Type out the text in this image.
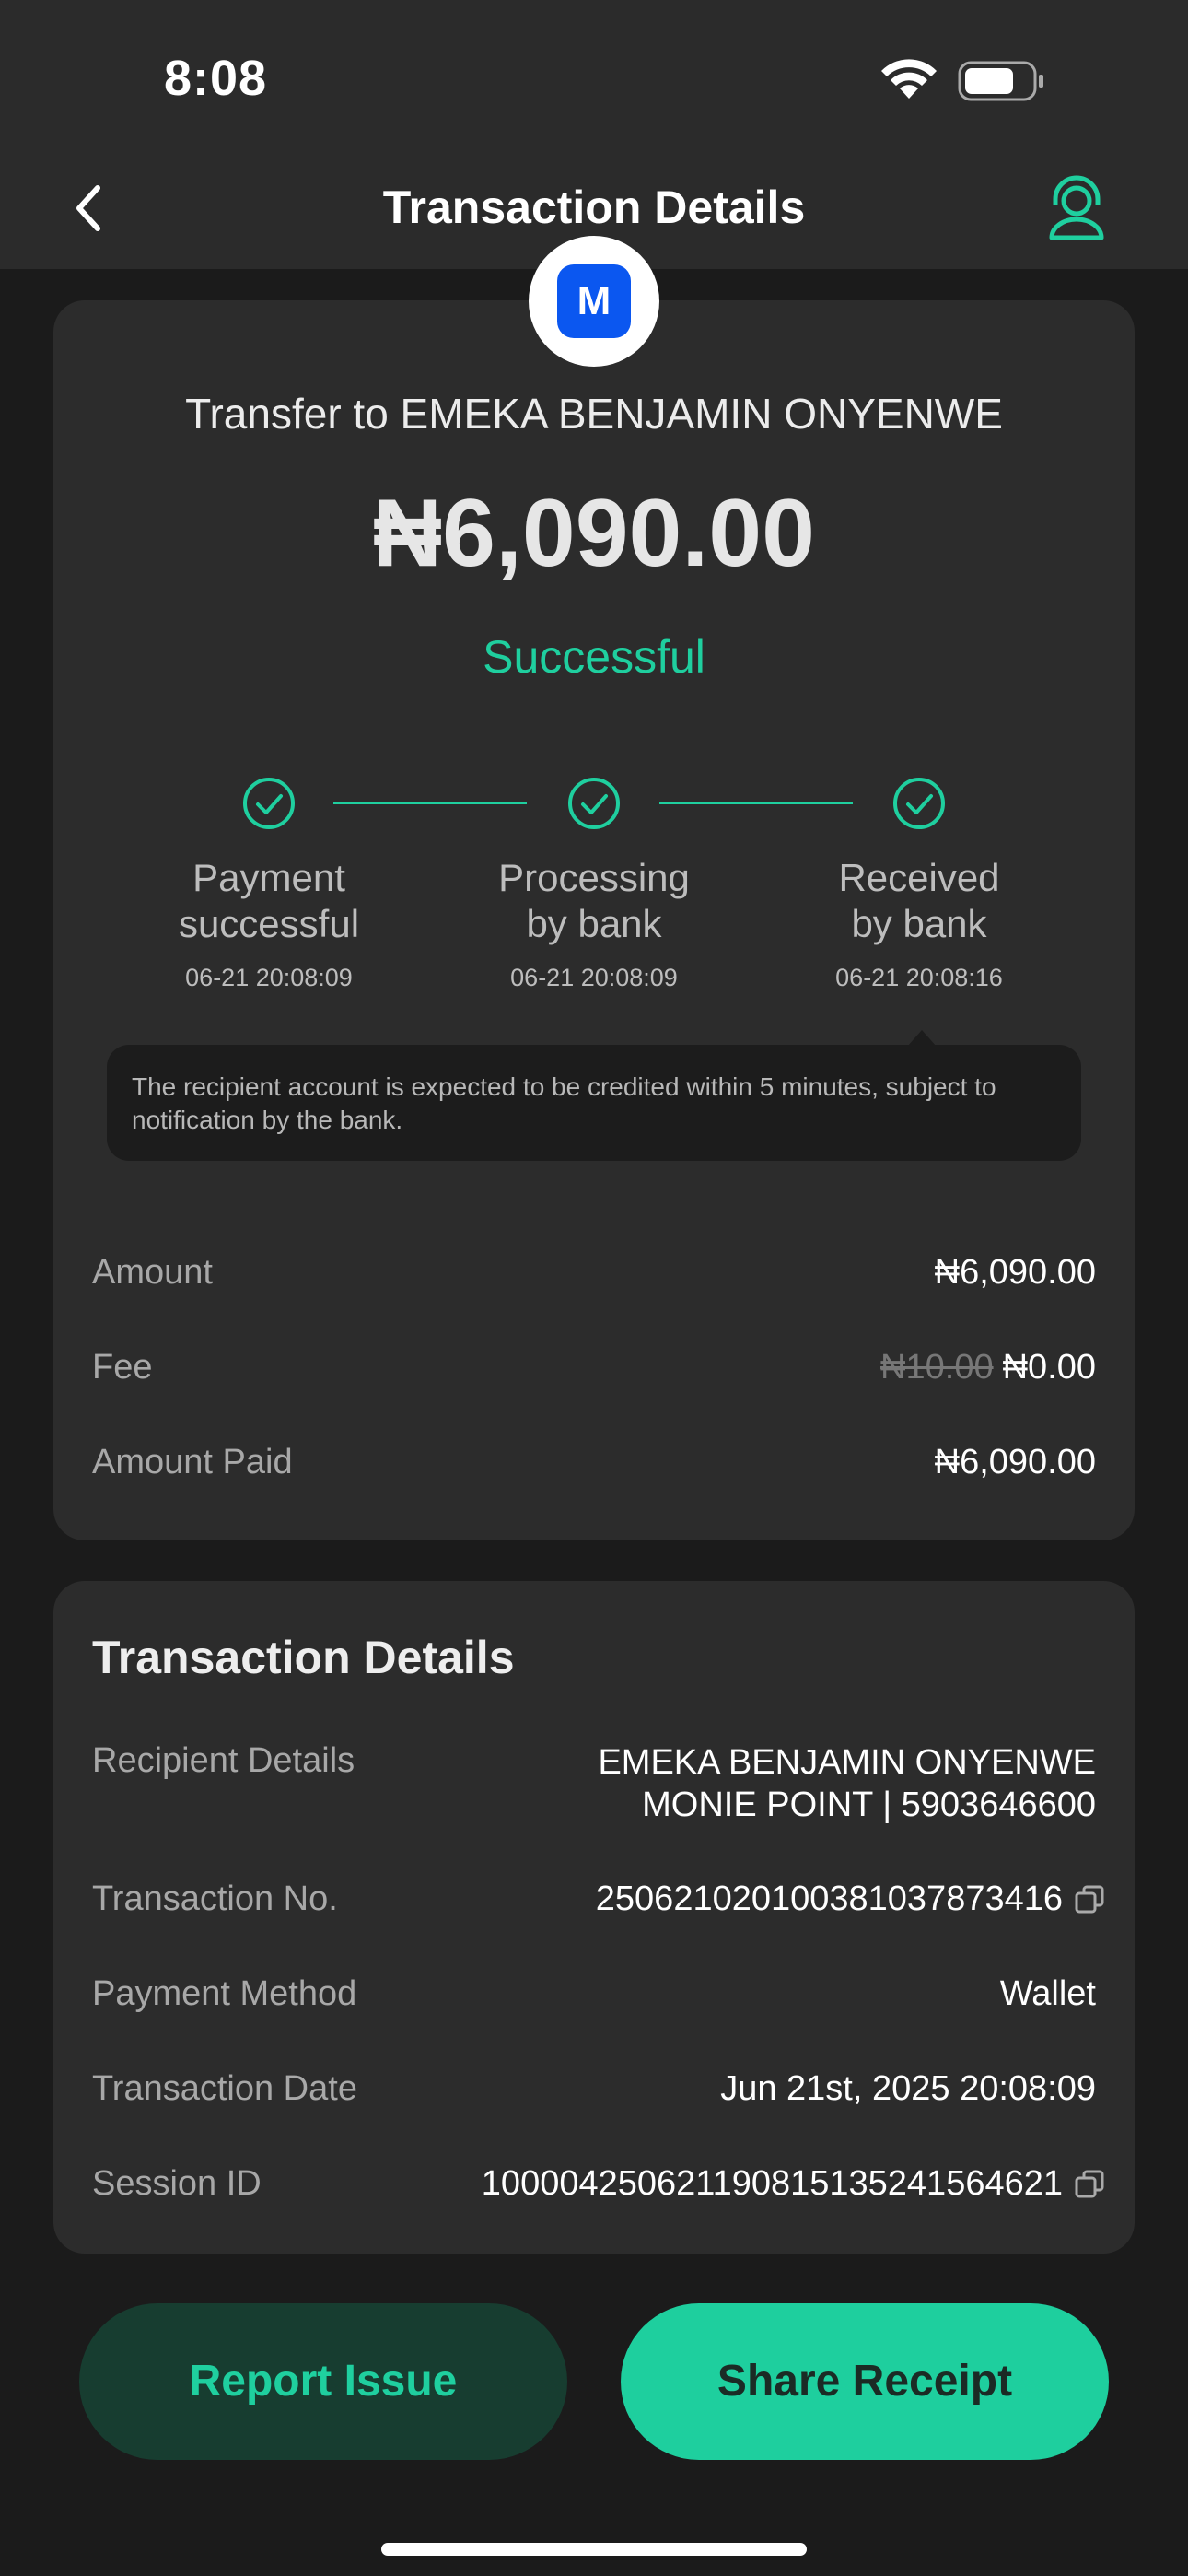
8:08
Transaction Details
M
Transfer to EMEKA BENJAMIN ONYENWE
₦6,090.00
Successful
Payment
successful
06-21 20:08:09
Processing
by bank
06-21 20:08:09
Received
by bank
06-21 20:08:16
The recipient account is expected to be credited within 5 minutes, subject to notification by the bank.
Amount	₦6,090.00
Fee	₦10.00 ₦0.00
Amount Paid	₦6,090.00
Transaction Details
Recipient Details	EMEKA BENJAMIN ONYENWE
MONIE POINT | 5903646600
Transaction No.	250621020100381037873416
Payment Method	Wallet
Transaction Date	Jun 21st, 2025 20:08:09
Session ID	100004250621190815135241564621
Report Issue	Share Receipt
